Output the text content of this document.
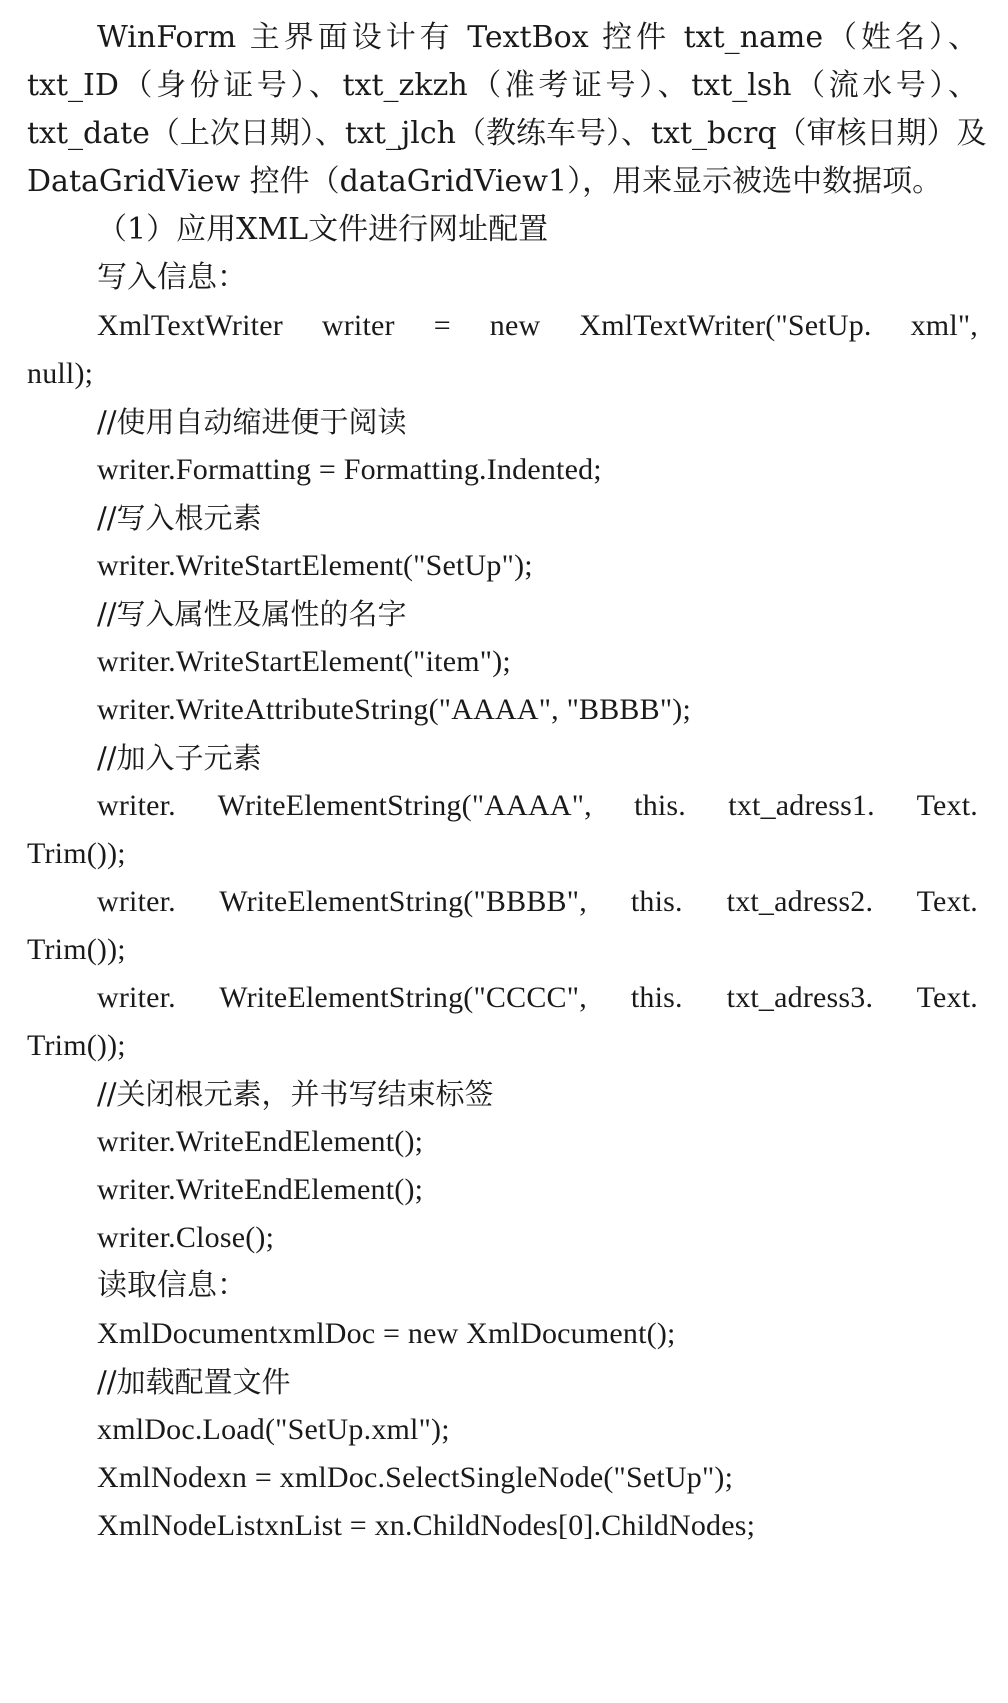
WinForm 主界面设计有 TextBox 控件 txt_name（姓名）、
txt_ID（身份证号）、txt_zkzh（准考证号）、txt_lsh（流水号）、
txt_date（上次日期）、txt_jlch（教练车号）、txt_bcrq（审核日期）及
DataGridView 控件（dataGridView1），用来显示被选中数据项。
（1）应用XML文件进行网址配置
写入信息：
XmlTextWriter writer = new XmlTextWriter("SetUp. xml",
null);
//使用自动缩进便于阅读
writer.Formatting = Formatting.Indented;
//写入根元素
writer.WriteStartElement("SetUp");
//写入属性及属性的名字
writer.WriteStartElement("item");
writer.WriteAttributeString("AAAA", "BBBB");
//加入子元素
writer. WriteElementString("AAAA", this. txt_adress1. Text.
Trim());
writer. WriteElementString("BBBB", this. txt_adress2. Text.
Trim());
writer. WriteElementString("CCCC", this. txt_adress3. Text.
Trim());
//关闭根元素，并书写结束标签
writer.WriteEndElement();
writer.WriteEndElement();
writer.Close();
读取信息：
XmlDocumentxmlDoc = new XmlDocument();
//加载配置文件
xmlDoc.Load("SetUp.xml");
XmlNodexn = xmlDoc.SelectSingleNode("SetUp");
XmlNodeListxnList = xn.ChildNodes[0].ChildNodes;
